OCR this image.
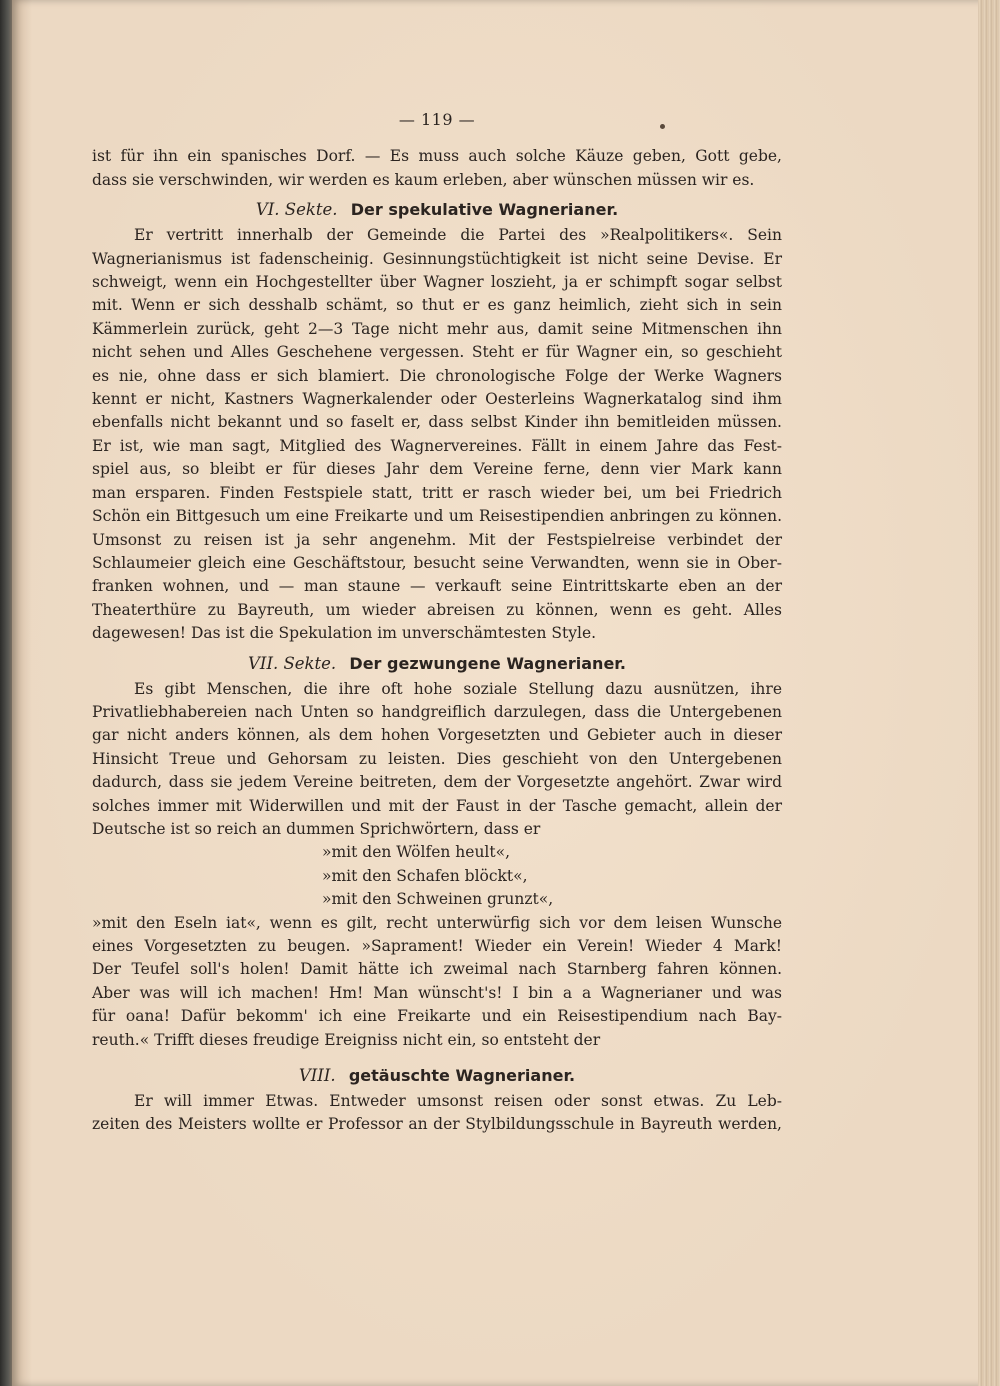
— 119 —
ist für ihn ein spanisches Dorf. — Es muss auch solche Käuze geben, Gott gebe,
dass sie verschwinden, wir werden es kaum erleben, aber wünschen müssen wir es.
VI. Sekte. Der spekulative Wagnerianer.
Er vertritt innerhalb der Gemeinde die Partei des »Realpolitikers«. Sein
Wagnerianismus ist fadenscheinig. Gesinnungstüchtigkeit ist nicht seine Devise. Er
schweigt, wenn ein Hochgestellter über Wagner loszieht, ja er schimpft sogar selbst
mit. Wenn er sich desshalb schämt, so thut er es ganz heimlich, zieht sich in sein
Kämmerlein zurück, geht 2—3 Tage nicht mehr aus, damit seine Mitmenschen ihn
nicht sehen und Alles Geschehene vergessen. Steht er für Wagner ein, so geschieht
es nie, ohne dass er sich blamiert. Die chronologische Folge der Werke Wagners
kennt er nicht, Kastners Wagnerkalender oder Oesterleins Wagnerkatalog sind ihm
ebenfalls nicht bekannt und so faselt er, dass selbst Kinder ihn bemitleiden müssen.
Er ist, wie man sagt, Mitglied des Wagnervereines. Fällt in einem Jahre das Fest-
spiel aus, so bleibt er für dieses Jahr dem Vereine ferne, denn vier Mark kann
man ersparen. Finden Festspiele statt, tritt er rasch wieder bei, um bei Friedrich
Schön ein Bittgesuch um eine Freikarte und um Reisestipendien anbringen zu können.
Umsonst zu reisen ist ja sehr angenehm. Mit der Festspielreise verbindet der
Schlaumeier gleich eine Geschäftstour, besucht seine Verwandten, wenn sie in Ober-
franken wohnen, und — man staune — verkauft seine Eintrittskarte eben an der
Theaterthüre zu Bayreuth, um wieder abreisen zu können, wenn es geht. Alles
dagewesen! Das ist die Spekulation im unverschämtesten Style.
VII. Sekte. Der gezwungene Wagnerianer.
Es gibt Menschen, die ihre oft hohe soziale Stellung dazu ausnützen, ihre
Privatliebhabereien nach Unten so handgreiflich darzulegen, dass die Untergebenen
gar nicht anders können, als dem hohen Vorgesetzten und Gebieter auch in dieser
Hinsicht Treue und Gehorsam zu leisten. Dies geschieht von den Untergebenen
dadurch, dass sie jedem Vereine beitreten, dem der Vorgesetzte angehört. Zwar wird
solches immer mit Widerwillen und mit der Faust in der Tasche gemacht, allein der
Deutsche ist so reich an dummen Sprichwörtern, dass er
»mit den Wölfen heult«,
»mit den Schafen blöckt«,
»mit den Schweinen grunzt«,
»mit den Eseln iat«, wenn es gilt, recht unterwürfig sich vor dem leisen Wunsche
eines Vorgesetzten zu beugen. »Saprament! Wieder ein Verein! Wieder 4 Mark!
Der Teufel soll's holen! Damit hätte ich zweimal nach Starnberg fahren können.
Aber was will ich machen! Hm! Man wünscht's! I bin a a Wagnerianer und was
für oana! Dafür bekomm' ich eine Freikarte und ein Reisestipendium nach Bay-
reuth.« Trifft dieses freudige Ereigniss nicht ein, so entsteht der
VIII. getäuschte Wagnerianer.
Er will immer Etwas. Entweder umsonst reisen oder sonst etwas. Zu Leb-
zeiten des Meisters wollte er Professor an der Stylbildungsschule in Bayreuth werden,
